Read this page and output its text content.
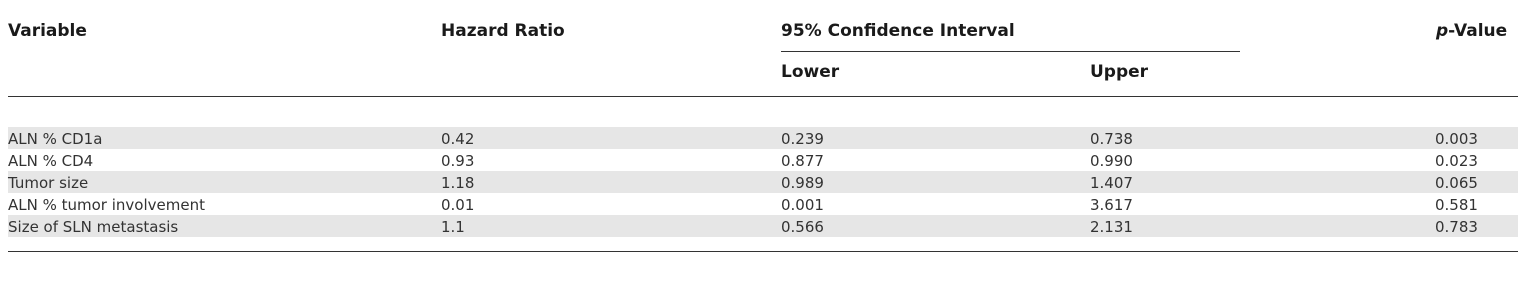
Variable	Hazard Ratio	95% Confidence Interval	p-Value
Lower	Upper
ALN % CD1a	0.42	0.239	0.738	0.003
ALN % CD4	0.93	0.877	0.990	0.023
Tumor size	1.18	0.989	1.407	0.065
ALN % tumor involvement	0.01	0.001	3.617	0.581
Size of SLN metastasis	1.1	0.566	2.131	0.783
